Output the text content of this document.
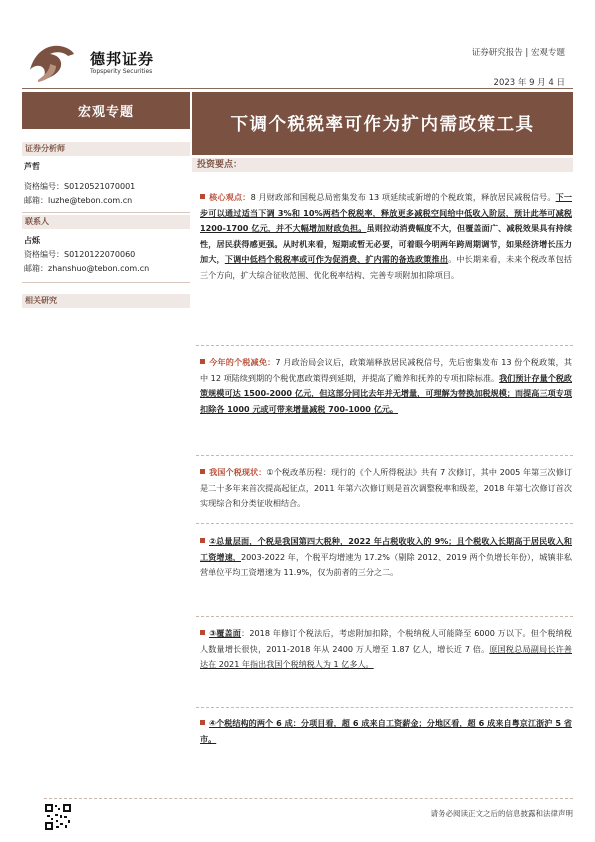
德邦证券
Topsperity Securities
证券研究报告 | 宏观专题
2023 年 9 月 4 日
宏观专题
下调个税税率可作为扩内需政策工具
证券分析师
芦哲
资格编号：S0120521070001
邮箱：luzhe@tebon.com.cn
联系人
占烁
资格编号：S0120122070060
邮箱：zhanshuo@tebon.com.cn
相关研究
投资要点：
核心观点：8 月财政部和国税总局密集发布 13 项延续或新增的个税政策，释放居民减税信号。下一步可以通过适当下调 3%和 10%两档个税税率，释放更多减税空间给中低收入阶层，预计此举可减税 1200-1700 亿元，并不大幅增加财政负担。虽则拉动消费幅度不大，但覆盖面广、减税效果具有持续性，居民获得感更强。从时机来看，短期或暂无必要，可着眼今明两年跨周期调节，如果经济增长压力加大，下调中低档个税税率或可作为促消费、扩内需的备选政策推出。中长期来看，未来个税改革包括三个方向，扩大综合征收范围、优化税率结构、完善专项附加扣除项目。
今年的个税减免：7 月政治局会议后，政策端释放居民减税信号，先后密集发布 13 份个税政策，其中 12 项陆续到期的个税优惠政策得到延期，并提高了赡养和抚养的专项扣除标准。我们预计存量个税政策规模可达 1500-2000 亿元，但这部分同比去年并无增量，可理解为替换加税规模；而提高三项专项扣除各 1000 元或可带来增量减税 700-1000 亿元。
我国个税现状：①个税改革历程：现行的《个人所得税法》共有 7 次修订，其中 2005 年第三次修订是二十多年来首次提高起征点，2011 年第六次修订则是首次调整税率和级差，2018 年第七次修订首次实现综合和分类征收相结合。
②总量层面，个税是我国第四大税种，2022 年占税收收入的 9%；且个税收入长期高于居民收入和工资增速，2003-2022 年，个税平均增速为 17.2%（剔除 2012、2019 两个负增长年份），城镇非私营单位平均工资增速为 11.9%，仅为前者的三分之二。
③覆盖面：2018 年修订个税法后，考虑附加扣除，个税纳税人可能降至 6000 万以下。但个税纳税人数量增长很快，2011-2018 年从 2400 万人增至 1.87 亿人，增长近 7 倍。原国税总局副局长许善达在 2021 年指出我国个税纳税人为 1 亿多人。
④个税结构的两个 6 成：分项目看，超 6 成来自工资薪金；分地区看，超 6 成来自粤京江浙沪 5 省市。
请务必阅读正文之后的信息披露和法律声明
